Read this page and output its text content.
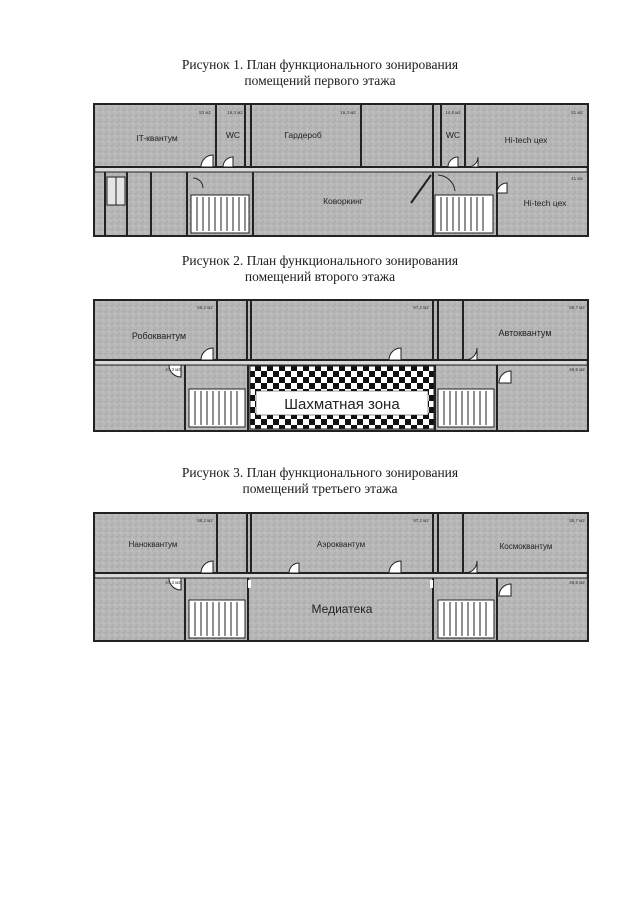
Рисунок 1. План функционального зонирования
помещений первого этажа
IT-квантум	WC	Гардероб	WC	Hi-tech цех
Коворкинг	Hi-tech цех
53 м2	16,3 м2	16,3 м2	14,8 м2	51 м2
41 м2
Рисунок 2. План функционального зонирования
помещений второго этажа
Робоквантум	Автоквантум
Шахматная зона
56,2 м2	97,2 м2	55,7 м2
47,3 м2	46,5 м2
Рисунок 3. План функционального зонирования
помещений третьего этажа
Наноквантум	Аэроквантум	Космоквантум
Медиатека
56,2 м2	97,2 м2	55,7 м2
47,3 м2	46,5 м2
